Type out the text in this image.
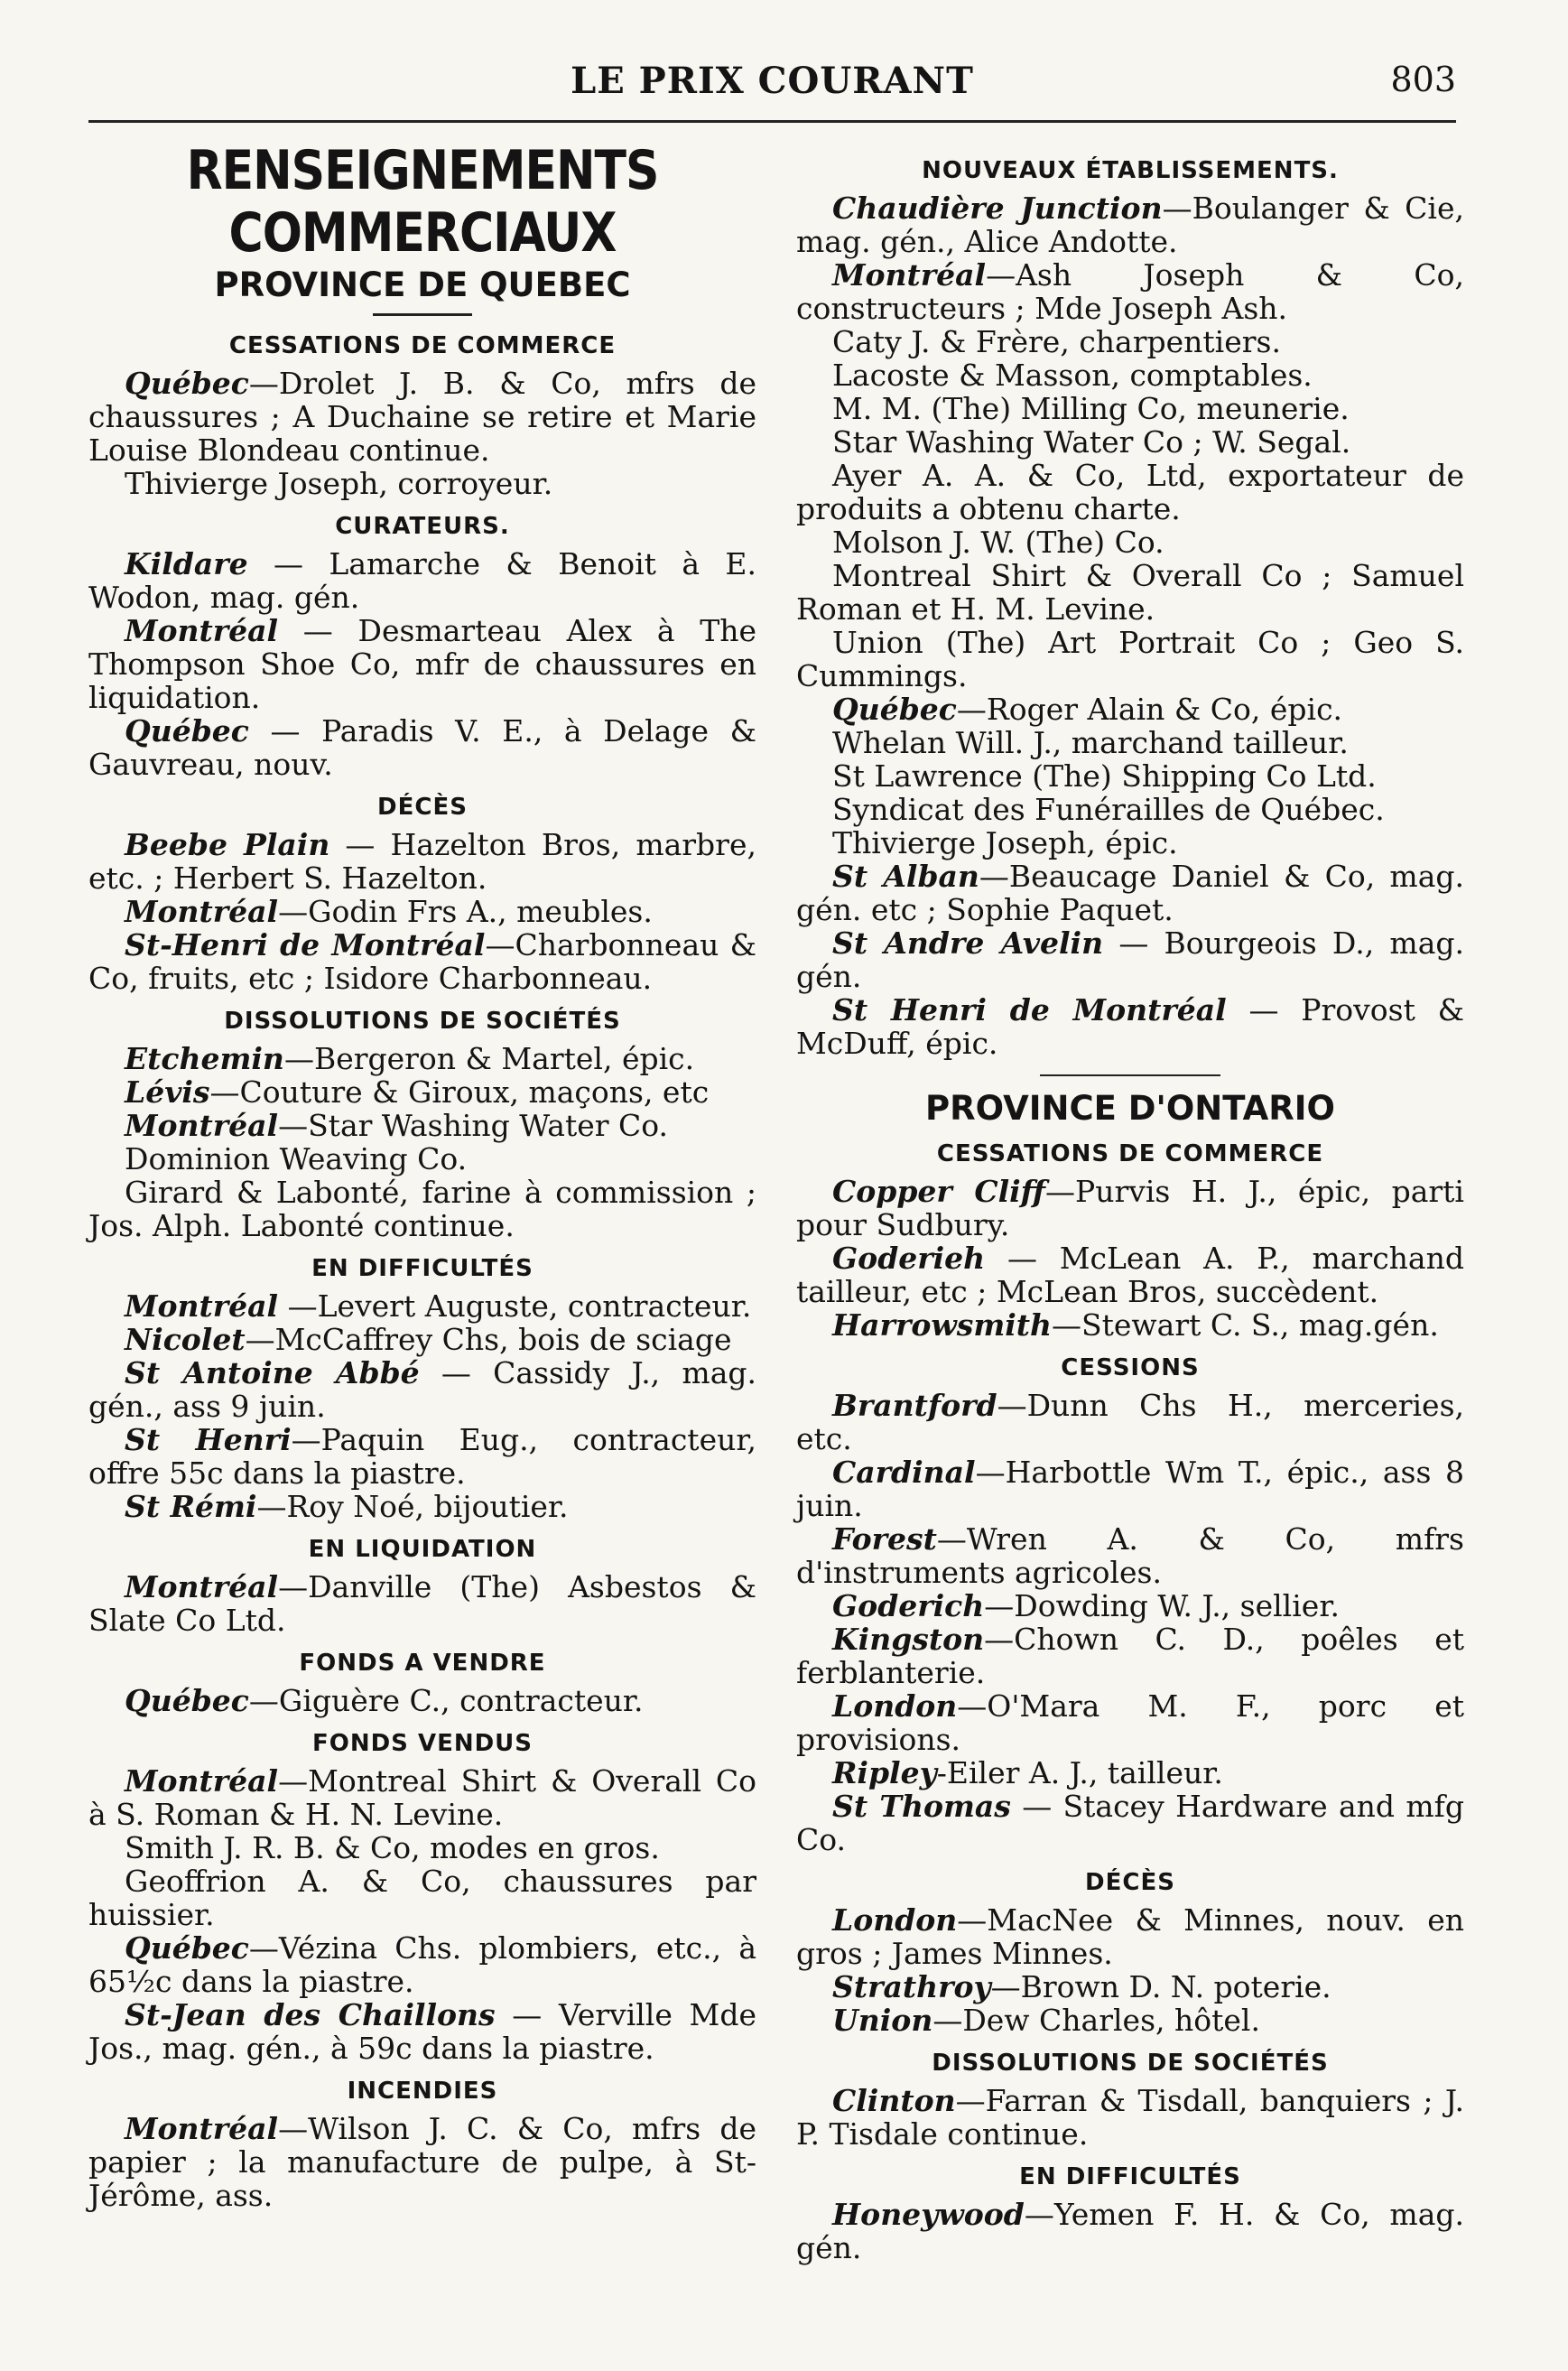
LE PRIX COURANT	803
RENSEIGNEMENTS COMMERCIAUX
PROVINCE DE QUEBEC
CESSATIONS DE COMMERCE

Québec—Drolet J. B. & Co, mfrs de chaussures ; A Duchaine se retire et Marie Louise Blondeau continue.

Thivierge Joseph, corroyeur.

CURATEURS.

Kildare — Lamarche & Benoit à E. Wodon, mag. gén.

Montréal — Desmarteau Alex à The Thompson Shoe Co, mfr de chaussures en liquidation.

Québec — Paradis V. E., à Delage & Gauvreau, nouv.

DÉCÈS

Beebe Plain — Hazelton Bros, marbre, etc. ; Herbert S. Hazelton.

Montréal—Godin Frs A., meubles.

St-Henri de Montréal—Charbonneau & Co, fruits, etc ; Isidore Charbonneau.

DISSOLUTIONS DE SOCIÉTÉS

Etchemin—Bergeron & Martel, épic.

Lévis—Couture & Giroux, maçons, etc

Montréal—Star Washing Water Co.

Dominion Weaving Co.

Girard & Labonté, farine à commission ; Jos. Alph. Labonté continue.

EN DIFFICULTÉS

Montréal —Levert Auguste, contracteur.

Nicolet—McCaffrey Chs, bois de sciage

St Antoine Abbé — Cassidy J., mag. gén., ass 9 juin.

St Henri—Paquin Eug., contracteur, offre 55c dans la piastre.

St Rémi—Roy Noé, bijoutier.

EN LIQUIDATION

Montréal—Danville (The) Asbestos & Slate Co Ltd.

FONDS A VENDRE

Québec—Giguère C., contracteur.

FONDS VENDUS

Montréal—Montreal Shirt & Overall Co à S. Roman & H. N. Levine.

Smith J. R. B. & Co, modes en gros.

Geoffrion A. & Co, chaussures par huissier.

Québec—Vézina Chs. plombiers, etc., à 65½c dans la piastre.

St-Jean des Chaillons — Verville Mde Jos., mag. gén., à 59c dans la piastre.

INCENDIES

Montréal—Wilson J. C. & Co, mfrs de papier ; la manufacture de pulpe, à St-Jérôme, ass.

NOUVEAUX ÉTABLISSEMENTS.

Chaudière Junction—Boulanger & Cie, mag. gén., Alice Andotte.

Montréal—Ash Joseph & Co, constructeurs ; Mde Joseph Ash.

Caty J. & Frère, charpentiers.

Lacoste & Masson, comptables.

M. M. (The) Milling Co, meunerie.

Star Washing Water Co ; W. Segal.

Ayer A. A. & Co, Ltd, exportateur de produits a obtenu charte.

Molson J. W. (The) Co.

Montreal Shirt & Overall Co ; Samuel Roman et H. M. Levine.

Union (The) Art Portrait Co ; Geo S. Cummings.

Québec—Roger Alain & Co, épic.

Whelan Will. J., marchand tailleur.

St Lawrence (The) Shipping Co Ltd.

Syndicat des Funérailles de Québec.

Thivierge Joseph, épic.

St Alban—Beaucage Daniel & Co, mag. gén. etc ; Sophie Paquet.

St Andre Avelin — Bourgeois D., mag. gén.

St Henri de Montréal — Provost & McDuff, épic.

PROVINCE D'ONTARIO
CESSATIONS DE COMMERCE

Copper Cliff—Purvis H. J., épic, parti pour Sudbury.

Goderieh — McLean A. P., marchand tailleur, etc ; McLean Bros, succèdent.

Harrowsmith—Stewart C. S., mag.gén.

CESSIONS

Brantford—Dunn Chs H., merceries, etc.

Cardinal—Harbottle Wm T., épic., ass 8 juin.

Forest—Wren A. & Co, mfrs d'instruments agricoles.

Goderich—Dowding W. J., sellier.

Kingston—Chown C. D., poêles et ferblanterie.

London—O'Mara M. F., porc et provisions.

Ripley-Eiler A. J., tailleur.

St Thomas — Stacey Hardware and mfg Co.

DÉCÈS

London—MacNee & Minnes, nouv. en gros ; James Minnes.

Strathroy—Brown D. N. poterie.

Union—Dew Charles, hôtel.

DISSOLUTIONS DE SOCIÉTÉS

Clinton—Farran & Tisdall, banquiers ; J. P. Tisdale continue.

EN DIFFICULTÉS

Honeywood—Yemen F. H. & Co, mag. gén.
